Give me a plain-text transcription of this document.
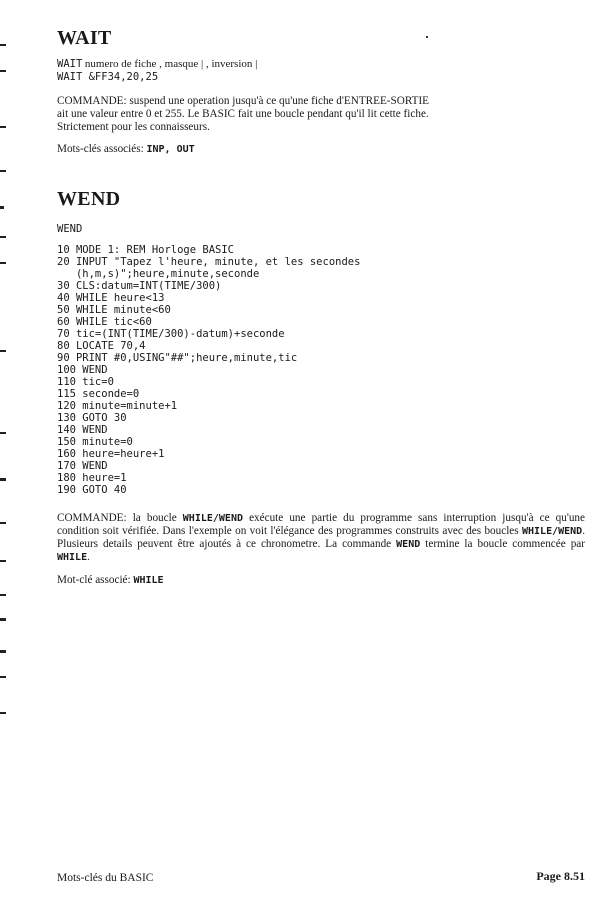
WAIT
WAIT numero de fiche , masque | , inversion |
WAIT &FF34,20,25

COMMANDE: suspend une operation jusqu'à ce qu'une fiche d'ENTREE-SORTIE
ait une valeur entre 0 et 255. Le BASIC fait une boucle pendant qu'il lit cette fiche.
Strictement pour les connaisseurs.

Mots-clés associés: INP, OUT

WEND
WEND
10 MODE 1: REM Horloge BASIC
20 INPUT "Tapez l'heure, minute, et les secondes
(h,m,s)";heure,minute,seconde
30 CLS:datum=INT(TIME/300)
40 WHILE heure<13
50 WHILE minute<60
60 WHILE tic<60
70 tic=(INT(TIME/300)-datum)+seconde
80 LOCATE 70,4
90 PRINT #0,USING"##";heure,minute,tic
100 WEND
110 tic=0
115 seconde=0
120 minute=minute+1
130 GOTO 30
140 WEND
150 minute=0
160 heure=heure+1
170 WEND
180 heure=1
190 GOTO 40

COMMANDE: la boucle WHILE/WEND exécute une partie du programme sans interruption jusqu'à ce qu'une condition soit vérifiée. Dans l'exemple on voit l'élégance des programmes construits avec des boucles WHILE/WEND. Plusieurs details peuvent être ajoutés à ce chronometre. La commande WEND termine la boucle commencée par WHILE.

Mot-clé associé: WHILE

Mots-clés du BASIC	Page 8.51
